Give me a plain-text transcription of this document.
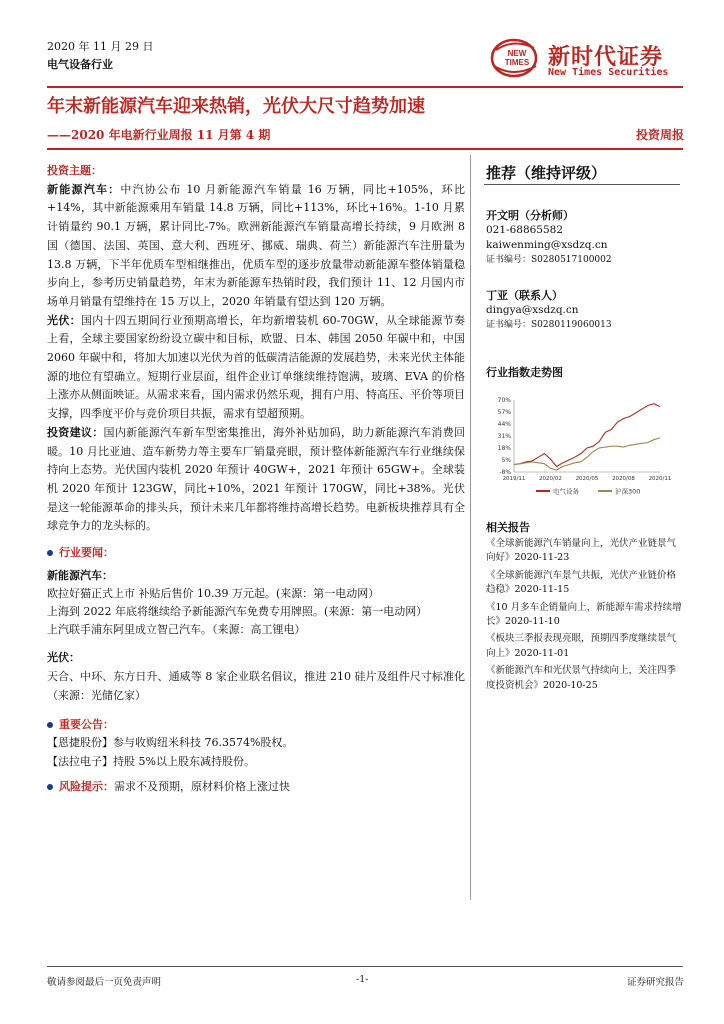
2020 年 11 月 29 日
电气设备行业
NEW TIMES 新时代证券
New Times Securities
年末新能源汽车迎来热销，光伏大尺寸趋势加速
——2020 年电新行业周报 11 月第 4 期	投资周报

投资主题：

新能源汽车：中汽协公布 10 月新能源汽车销量 16 万辆，同比+105%，环比+14%，其中新能源乘用车销量 14.8 万辆，同比+113%，环比+16%。1-10 月累计销量约 90.1 万辆，累计同比-7%。欧洲新能源汽车销量高增长持续，9 月欧洲 8 国（德国、法国、英国、意大利、西班牙、挪威、瑞典、荷兰）新能源汽车注册量为 13.8 万辆，下半年优质车型相继推出，优质车型的逐步放量带动新能源车整体销量稳步向上，参考历史销量趋势，年末为新能源车热销时段，我们预计 11、12 月国内市场单月销量有望维持在 15 万以上，2020 年销量有望达到 120 万辆。

光伏：国内十四五期间行业预期高增长，年均新增装机 60-70GW，从全球能源节奏上看，全球主要国家纷纷设立碳中和目标，欧盟、日本、韩国 2050 年碳中和，中国 2060 年碳中和，将加大加速以光伏为首的低碳清洁能源的发展趋势，未来光伏主体能源的地位有望确立。短期行业层面，组件企业订单继续维持饱满，玻璃、EVA 的价格上涨亦从侧面映证。从需求来看，国内需求仍然乐观，拥有户用、特高压、平价等项目支撑，四季度平价与竞价项目共振，需求有望超预期。

投资建议：国内新能源汽车新车型密集推出，海外补贴加码，助力新能源汽车消费回暖。10 月比亚迪、造车新势力等主要车厂销量亮眼，预计整体新能源汽车行业继续保持向上态势。光伏国内装机 2020 年预计 40GW+，2021 年预计 65GW+。全球装机 2020 年预计 123GW，同比+10%，2021 年预计 170GW，同比+38%。光伏是这一轮能源革命的排头兵，预计未来几年都将维持高增长趋势。电新板块推荐具有全球竞争力的龙头标的。

行业要闻：

新能源汽车：

欧拉好猫正式上市 补贴后售价 10.39 万元起。(来源：第一电动网）

上海到 2022 年底将继续给予新能源汽车免费专用牌照。(来源：第一电动网）

上汽联手浦东阿里成立智己汽车。（来源：高工锂电）

光伏：

天合、中环、东方日升、通威等 8 家企业联名倡议，推进 210 硅片及组件尺寸标准化（来源：光储亿家）

重要公告：

【恩捷股份】参与收购纽米科技 76.3574%股权。

【法拉电子】持股 5%以上股东减持股份。

风险提示：需求不及预期，原材料价格上涨过快

推荐（维持评级）
开文明（分析师）
021-68865582
kaiwenming@xsdzq.cn
证书编号：S0280517100002
丁亚（联系人）
dingya@xsdzq.cn
证书编号：S0280119060013
行业指数走势图
70%
57%
44%
31%
18%
5%
-8%
2019/11 2020/02 2020/05 2020/08 2020/11
电气设备	沪深300
相关报告
《全球新能源汽车销量向上，光伏产业链景气向好》2020-11-23
《全球新能源汽车景气共振，光伏产业链价格趋稳》2020-11-15
《10 月多车企销量向上，新能源车需求持续增长》2020-11-10
《板块三季报表现亮眼，预期四季度继续景气向上》2020-11-01
《新能源汽车和光伏景气持续向上，关注四季度投资机会》2020-10-25
敬请参阅最后一页免责声明	-1-	证券研究报告
